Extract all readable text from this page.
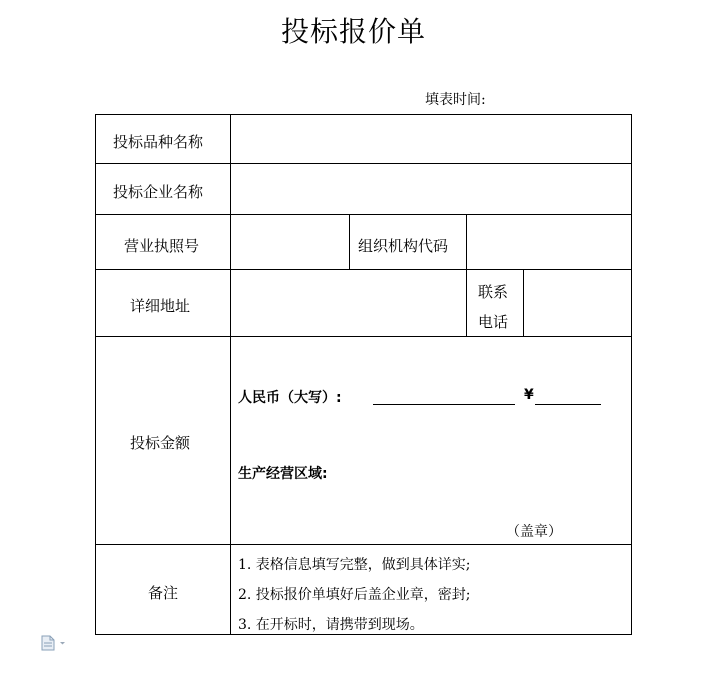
投标报价单
填表时间:
投标品种名称
投标企业名称
营业执照号	组织机构代码
详细地址
联系
电话
投标金额
备注
人民币（大写）:	¥
生产经营区域:
（盖章）
1. 表格信息填写完整，做到具体详实;
2. 投标报价单填好后盖企业章，密封;
3. 在开标时，请携带到现场。
